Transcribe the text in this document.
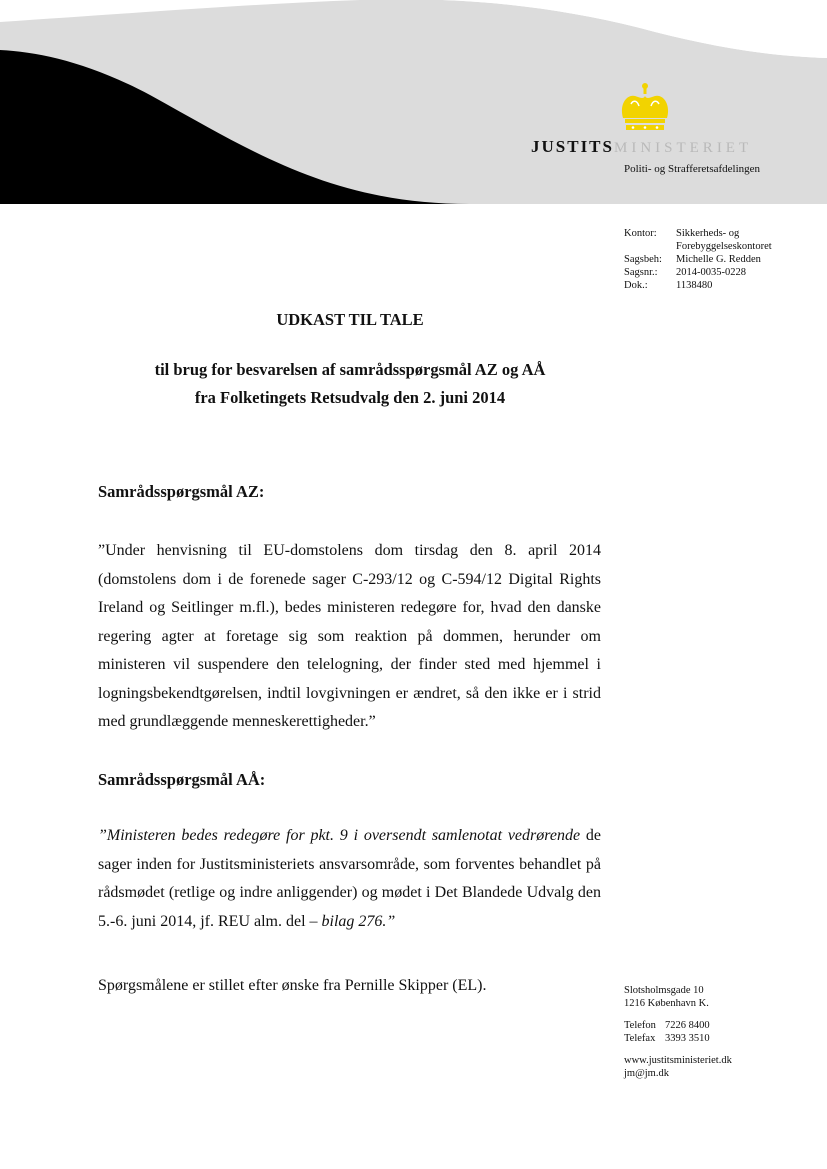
JUSTITSMINISTERIET
Politi- og Strafferetsafdelingen
Kontor:	Sikkerheds- og
Forebyggelseskontoret
Sagsbeh:	Michelle G. Redden
Sagsnr.:	2014-0035-0228
Dok.:	1138480
UDKAST TIL TALE
til brug for besvarelsen af samrådsspørgsmål AZ og AÅ
fra Folketingets Retsudvalg den 2. juni 2014
Samrådsspørgsmål AZ:
”Under henvisning til EU-domstolens dom tirsdag den 8. april 2014 (domstolens dom i de forenede sager C-293/12 og C-594/12 Digital Rights Ireland og Seitlinger m.fl.), bedes ministeren redegøre for, hvad den danske regering agter at foretage sig som reaktion på dommen, herunder om ministeren vil suspendere den telelogning, der finder sted med hjemmel i logningsbekendtgørelsen, indtil lovgivningen er ændret, så den ikke er i strid med grundlæggende menneskerettigheder.”
Samrådsspørgsmål AÅ:
”Ministeren bedes redegøre for pkt. 9 i oversendt samlenotat vedrørende de sager inden for Justitsministeriets ansvarsområde, som forventes behandlet på rådsmødet (retlige og indre anliggender) og mødet i Det Blandede Udvalg den 5.-6. juni 2014, jf. REU alm. del – bilag 276.”
Spørgsmålene er stillet efter ønske fra Pernille Skipper (EL).	Slotsholmsgade 10
1216 København K.
Telefon 7226 8400
Telefax 3393 3510
www.justitsministeriet.dk
jm@jm.dk
